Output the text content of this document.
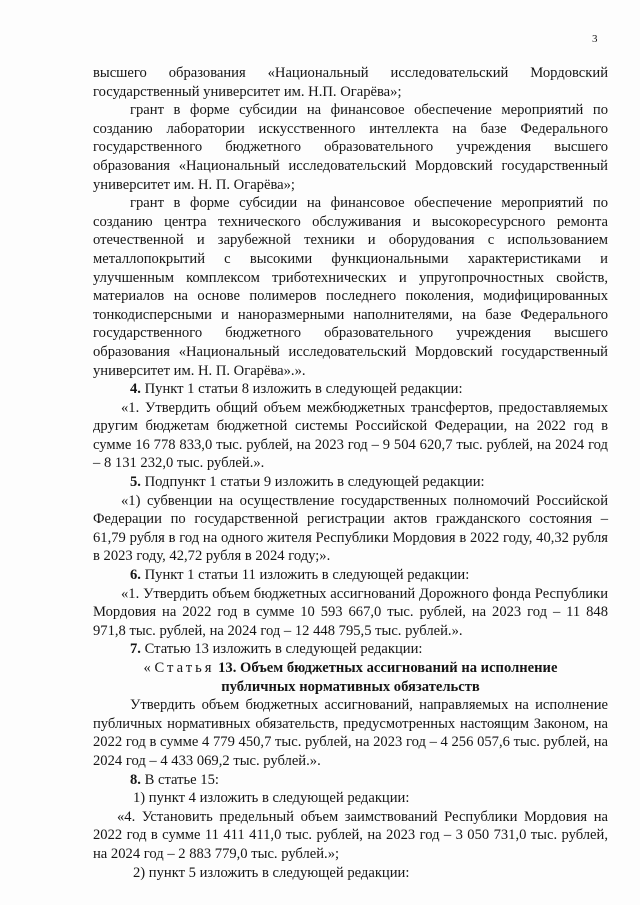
3

высшего образования «Национальный исследовательский Мордовский государственный университет им. Н.П. Огарёва»;

грант в форме субсидии на финансовое обеспечение мероприятий по созданию лаборатории искусственного интеллекта на базе Федерального государственного бюджетного образовательного учреждения высшего образования «Национальный исследовательский Мордовский государственный университет им. Н. П. Огарёва»;

грант в форме субсидии на финансовое обеспечение мероприятий по созданию центра технического обслуживания и высокоресурсного ремонта отечественной и зарубежной техники и оборудования с использованием металлопокрытий с высокими функциональными характеристиками и улучшенным комплексом триботехнических и упругопрочностных свойств, материалов на основе полимеров последнего поколения, модифицированных тонкодисперсными и наноразмерными наполнителями, на базе Федерального государственного бюджетного образовательного учреждения высшего образования «Национальный исследовательский Мордовский государственный университет им. Н. П. Огарёва».».

4. Пункт 1 статьи 8 изложить в следующей редакции:

«1. Утвердить общий объем межбюджетных трансфертов, предоставляемых другим бюджетам бюджетной системы Российской Федерации, на 2022 год в сумме 16 778 833,0 тыс. рублей, на 2023 год – 9 504 620,7 тыс. рублей, на 2024 год – 8 131 232,0 тыс. рублей.».

5. Подпункт 1 статьи 9 изложить в следующей редакции:

«1) субвенции на осуществление государственных полномочий Российской Федерации по государственной регистрации актов гражданского состояния – 61,79 рубля в год на одного жителя Республики Мордовия в 2022 году, 40,32 рубля в 2023 году, 42,72 рубля в 2024 году;».

6. Пункт 1 статьи 11 изложить в следующей редакции:

«1. Утвердить объем бюджетных ассигнований Дорожного фонда Республики Мордовия на 2022 год в сумме 10 593 667,0 тыс. рублей, на 2023 год – 11 848 971,8 тыс. рублей, на 2024 год – 12 448 795,5 тыс. рублей.».

7. Статью 13 изложить в следующей редакции:

« Статья 13. Объем бюджетных ассигнований на исполнение

публичных нормативных обязательств

Утвердить объем бюджетных ассигнований, направляемых на исполнение публичных нормативных обязательств, предусмотренных настоящим Законом, на 2022 год в сумме 4 779 450,7 тыс. рублей, на 2023 год – 4 256 057,6 тыс. рублей, на 2024 год – 4 433 069,2 тыс. рублей.».

8. В статье 15:

1) пункт 4 изложить в следующей редакции:

«4. Установить предельный объем заимствований Республики Мордовия на 2022 год в сумме 11 411 411,0 тыс. рублей, на 2023 год – 3 050 731,0 тыс. рублей, на 2024 год – 2 883 779,0 тыс. рублей.»;

2) пункт 5 изложить в следующей редакции:
